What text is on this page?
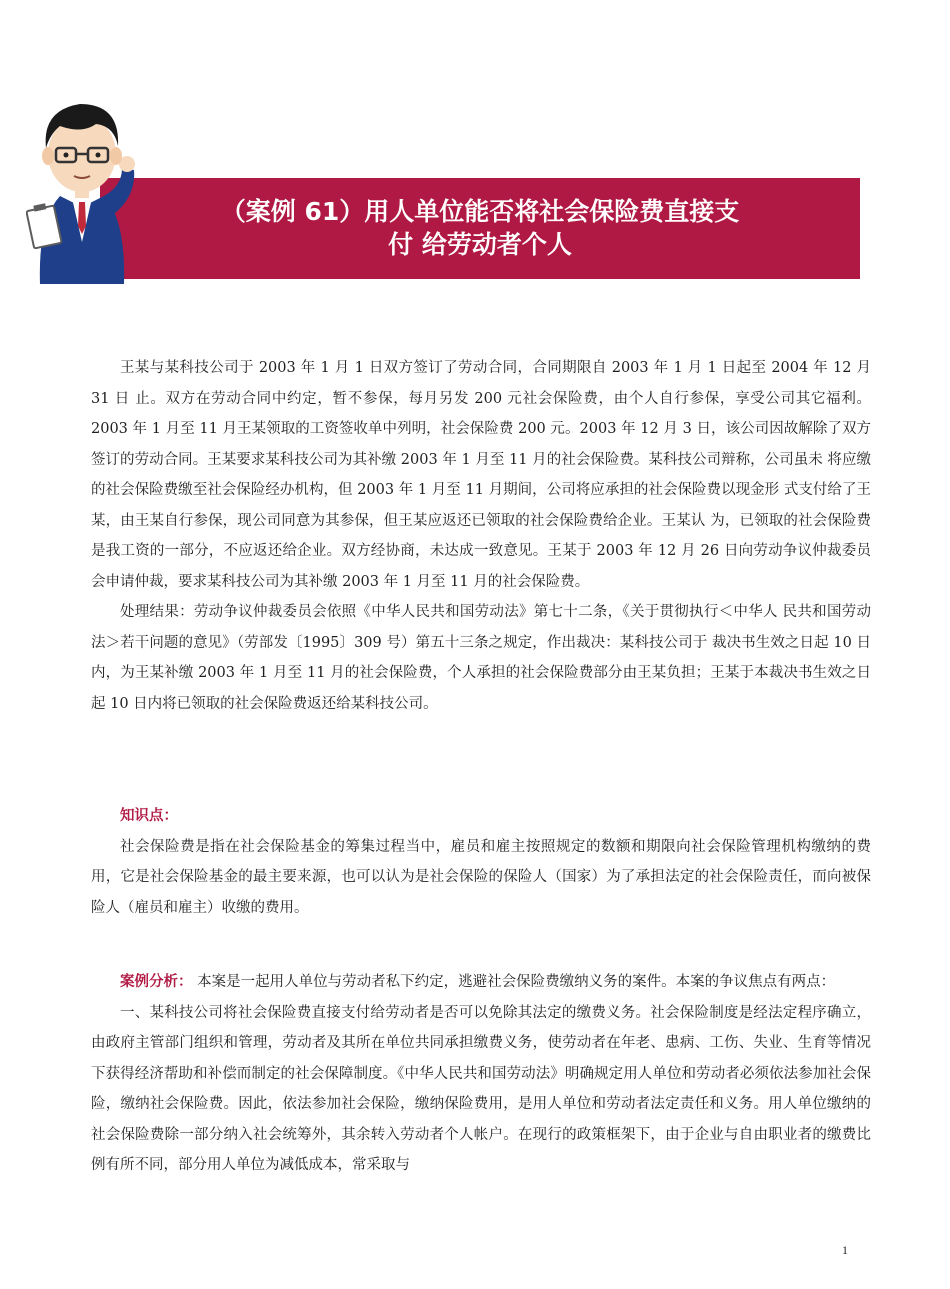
（案例 61）用人单位能否将社会保险费直接支
付 给劳动者个人

王某与某科技公司于 2003 年 1 月 1 日双方签订了劳动合同，合同期限自 2003 年 1 月 1 日起至 2004 年 12 月 31 日 止。双方在劳动合同中约定，暂不参保，每月另发 200 元社会保险费，由个人自行参保，享受公司其它福利。 2003 年 1 月至 11 月王某领取的工资签收单中列明，社会保险费 200 元。2003 年 12 月 3 日，该公司因故解除了双方 签订的劳动合同。王某要求某科技公司为其补缴 2003 年 1 月至 11 月的社会保险费。某科技公司辩称，公司虽未 将应缴的社会保险费缴至社会保险经办机构，但 2003 年 1 月至 11 月期间，公司将应承担的社会保险费以现金形 式支付给了王某，由王某自行参保，现公司同意为其参保，但王某应返还已领取的社会保险费给企业。王某认 为，已领取的社会保险费是我工资的一部分，不应返还给企业。双方经协商，未达成一致意见。王某于 2003 年 12 月 26 日向劳动争议仲裁委员会申请仲裁，要求某科技公司为其补缴 2003 年 1 月至 11 月的社会保险费。

处理结果：劳动争议仲裁委员会依照《中华人民共和国劳动法》第七十二条，《关于贯彻执行＜中华人 民共和国劳动法＞若干问题的意见》（劳部发〔1995〕309 号）第五十三条之规定，作出裁决：某科技公司于 裁决书生效之日起 10 日内，为王某补缴 2003 年 1 月至 11 月的社会保险费，个人承担的社会保险费部分由王某负担；王某于本裁决书生效之日起 10 日内将已领取的社会保险费返还给某科技公司。

知识点：

社会保险费是指在社会保险基金的筹集过程当中，雇员和雇主按照规定的数额和期限向社会保险管理机构缴纳的费用，它是社会保险基金的最主要来源，也可以认为是社会保险的保险人（国家）为了承担法定的社会保险责任，而向被保险人（雇员和雇主）收缴的费用。

案例分析： 本案是一起用人单位与劳动者私下约定，逃避社会保险费缴纳义务的案件。本案的争议焦点有两点：

一、某科技公司将社会保险费直接支付给劳动者是否可以免除其法定的缴费义务。社会保险制度是经法定程序确立，由政府主管部门组织和管理，劳动者及其所在单位共同承担缴费义务，使劳动者在年老、患病、工伤、失业、生育等情况下获得经济帮助和补偿而制定的社会保障制度。《中华人民共和国劳动法》明确规定用人单位和劳动者必须依法参加社会保险，缴纳社会保险费。因此，依法参加社会保险，缴纳保险费用，是用人单位和劳动者法定责任和义务。用人单位缴纳的社会保险费除一部分纳入社会统筹外，其余转入劳动者个人帐户。在现行的政策框架下，由于企业与自由职业者的缴费比例有所不同，部分用人单位为减低成本，常采取与

1
